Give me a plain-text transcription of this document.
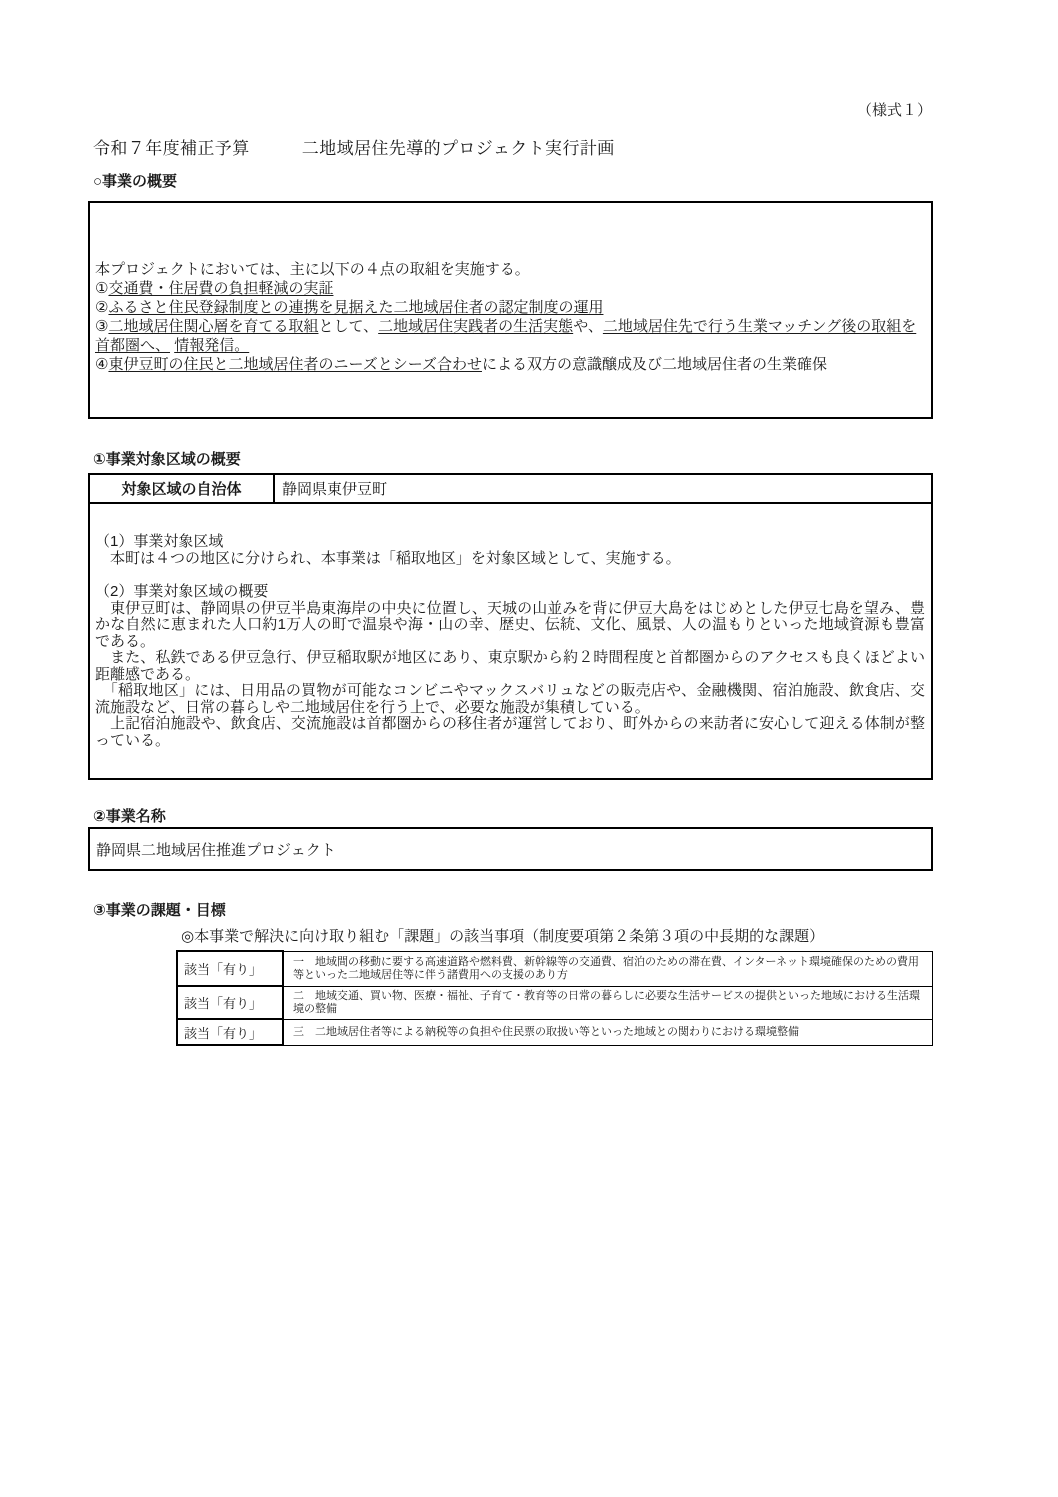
（様式１）
令和７年度補正予算　　　二地域居住先導的プロジェクト実行計画
○事業の概要
本プロジェクトにおいては、主に以下の４点の取組を実施する。
①交通費・住居費の負担軽減の実証
②ふるさと住民登録制度との連携を見据えた二地域居住者の認定制度の運用
③二地域居住関心層を育てる取組として、二地域居住実践者の生活実態や、二地域居住先で行う生業マッチング後の取組を首都圏へ、 情報発信。
④東伊豆町の住民と二地域居住者のニーズとシーズ合わせによる双方の意識醸成及び二地域居住者の生業確保
①事業対象区域の概要
対象区域の自治体	静岡県東伊豆町
（1）事業対象区域
　本町は４つの地区に分けられ、本事業は「稲取地区」を対象区域として、実施する。
（2）事業対象区域の概要
　東伊豆町は、静岡県の伊豆半島東海岸の中央に位置し、天城の山並みを背に伊豆大島をはじめとした伊豆七島を望み、豊かな自然に恵まれた人口約1万人の町で温泉や海・山の幸、歴史、伝統、文化、風景、人の温もりといった地域資源も豊富である。
　また、私鉄である伊豆急行、伊豆稲取駅が地区にあり、東京駅から約２時間程度と首都圏からのアクセスも良くほどよい距離感である。
　「稲取地区」には、日用品の買物が可能なコンビニやマックスバリュなどの販売店や、金融機関、宿泊施設、飲食店、交流施設など、日常の暮らしや二地域居住を行う上で、必要な施設が集積している。
　上記宿泊施設や、飲食店、交流施設は首都圏からの移住者が運営しており、町外からの来訪者に安心して迎える体制が整っている。
②事業名称
静岡県二地域居住推進プロジェクト
③事業の課題・目標
◎本事業で解決に向け取り組む「課題」の該当事項（制度要項第２条第３項の中長期的な課題）
該当「有り」	一　地域間の移動に要する高速道路や燃料費、新幹線等の交通費、宿泊のための滞在費、インターネット環境確保のための費用等といった二地域居住等に伴う諸費用への支援のあり方
該当「有り」	二　地域交通、買い物、医療・福祉、子育て・教育等の日常の暮らしに必要な生活サービスの提供といった地域における生活環境の整備
該当「有り」	三　二地域居住者等による納税等の負担や住民票の取扱い等といった地域との関わりにおける環境整備
